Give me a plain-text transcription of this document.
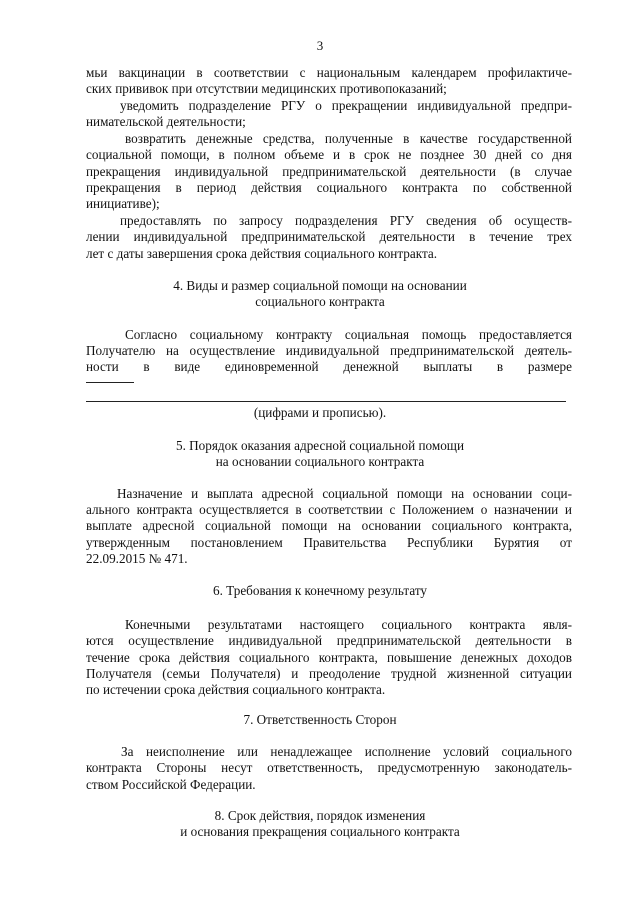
3
мьи вакцинации в соответствии с национальным календарем профилактиче-
ских прививок при отсутствии медицинских противопоказаний;
уведомить подразделение РГУ о прекращении индивидуальной предпри-
нимательской деятельности;
возвратить денежные средства, полученные в качестве государственной
социальной помощи, в полном объеме и в срок не позднее 30 дней со дня
прекращения индивидуальной предпринимательской деятельности (в случае
прекращения в период действия социального контракта по собственной
инициативе);
предоставлять по запросу подразделения РГУ сведения об осуществ-
лении индивидуальной предпринимательской деятельности в течение трех
лет с даты завершения срока действия социального контракта.
4. Виды и размер социальной помощи на основании
социального контракта
Согласно социальному контракту социальная помощь предоставляется
Получателю на осуществление индивидуальной предпринимательской деятель-
ности в виде единовременной денежной выплаты в размере
(цифрами и прописью).
5. Порядок оказания адресной социальной помощи
на основании социального контракта
Назначение и выплата адресной социальной помощи на основании соци-
ального контракта осуществляется в соответствии с Положением о назначении и
выплате адресной социальной помощи на основании социального контракта,
утвержденным постановлением Правительства Республики Бурятия от
22.09.2015 № 471.
6. Требования к конечному результату
Конечными результатами настоящего социального контракта явля-
ются осуществление индивидуальной предпринимательской деятельности в
течение срока действия социального контракта, повышение денежных доходов
Получателя (семьи Получателя) и преодоление трудной жизненной ситуации
по истечении срока действия социального контракта.
7. Ответственность Сторон
За неисполнение или ненадлежащее исполнение условий социального
контракта Стороны несут ответственность, предусмотренную законодатель-
ством Российской Федерации.
8. Срок действия, порядок изменения
и основания прекращения социального контракта
